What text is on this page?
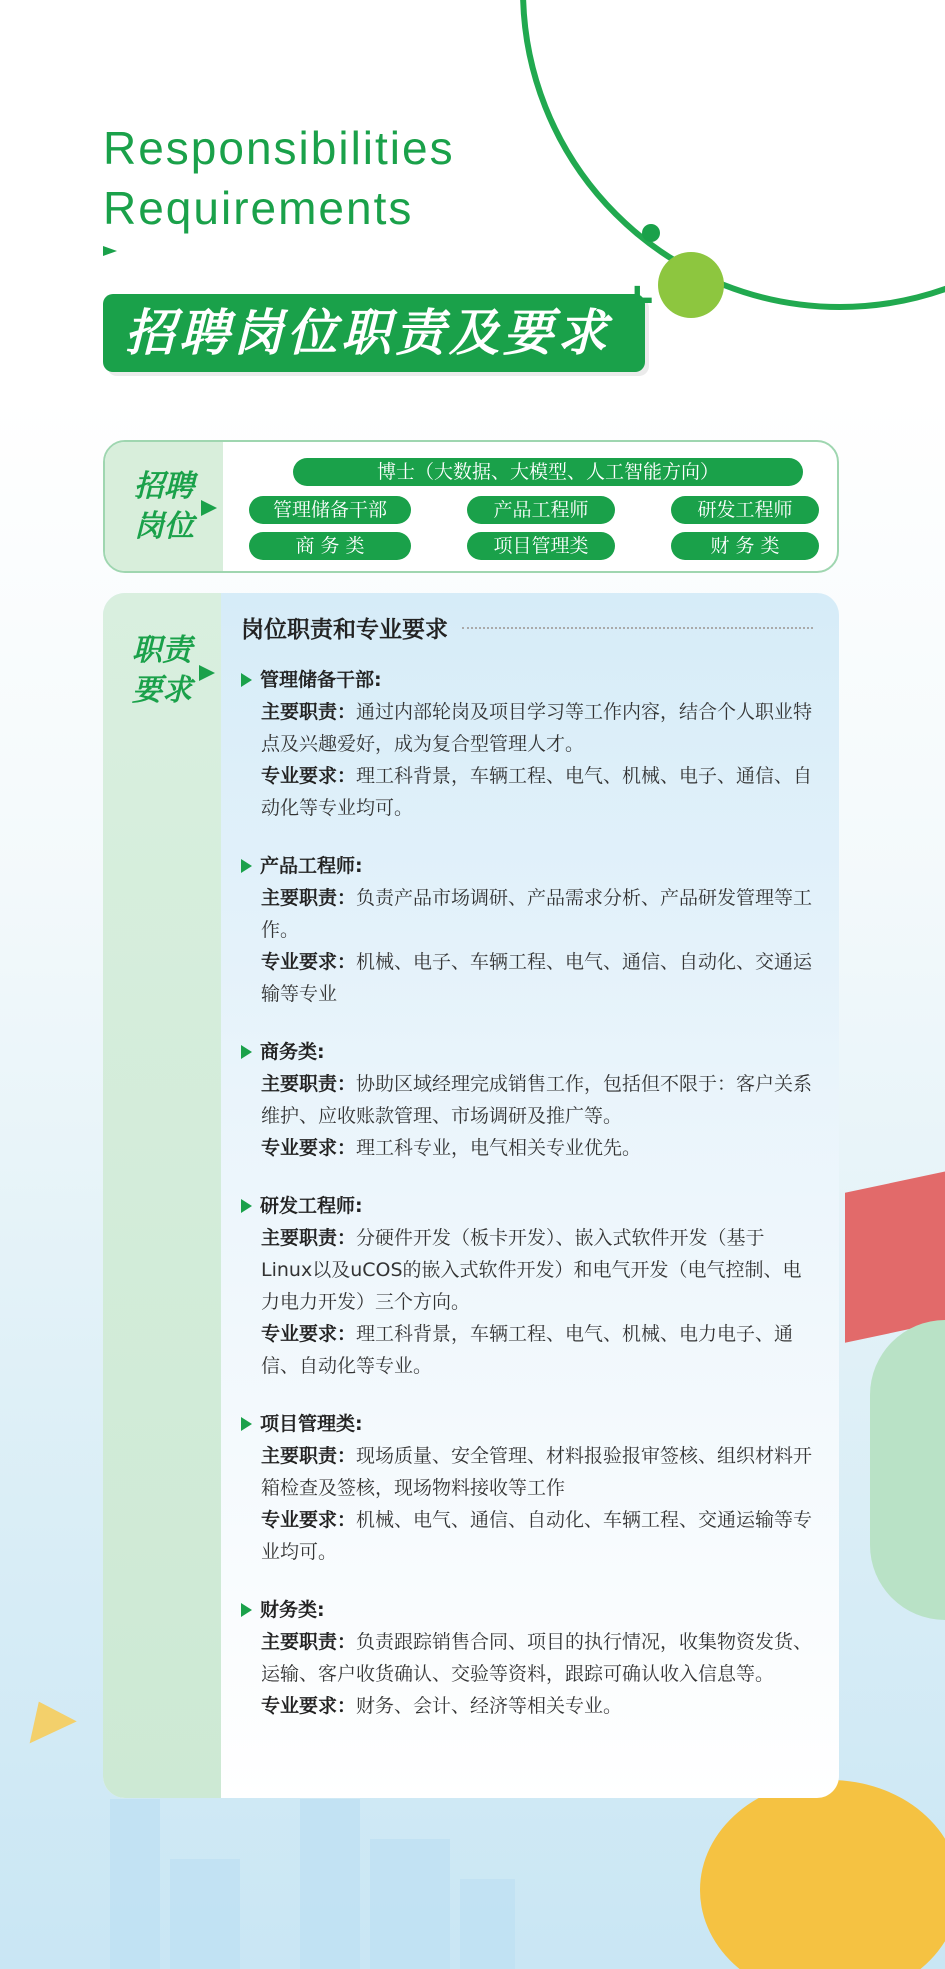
Responsibilities
Requirements
招聘岗位职责及要求
+
招聘岗位
博士（大数据、大模型、人工智能方向）
管理储备干部	产品工程师	研发工程师
商 务 类	项目管理类	财 务 类
职责要求
岗位职责和专业要求
管理储备干部:

主要职责：通过内部轮岗及项目学习等工作内容，结合个人职业特点及兴趣爱好，成为复合型管理人才。

专业要求：理工科背景，车辆工程、电气、机械、电子、通信、自动化等专业均可。

产品工程师:

主要职责：负责产品市场调研、产品需求分析、产品研发管理等工作。

专业要求：机械、电子、车辆工程、电气、通信、自动化、交通运输等专业

商务类:

主要职责：协助区域经理完成销售工作，包括但不限于：客户关系维护、应收账款管理、市场调研及推广等。

专业要求：理工科专业，电气相关专业优先。

研发工程师:

主要职责：分硬件开发（板卡开发）、嵌入式软件开发（基于Linux以及uCOS的嵌入式软件开发）和电气开发（电气控制、电力电力开发）三个方向。

专业要求：理工科背景，车辆工程、电气、机械、电力电子、通信、自动化等专业。

项目管理类:

主要职责：现场质量、安全管理、材料报验报审签核、组织材料开箱检查及签核，现场物料接收等工作

专业要求：机械、电气、通信、自动化、车辆工程、交通运输等专业均可。

财务类:

主要职责：负责跟踪销售合同、项目的执行情况，收集物资发货、运输、客户收货确认、交验等资料，跟踪可确认收入信息等。

专业要求：财务、会计、经济等相关专业。
